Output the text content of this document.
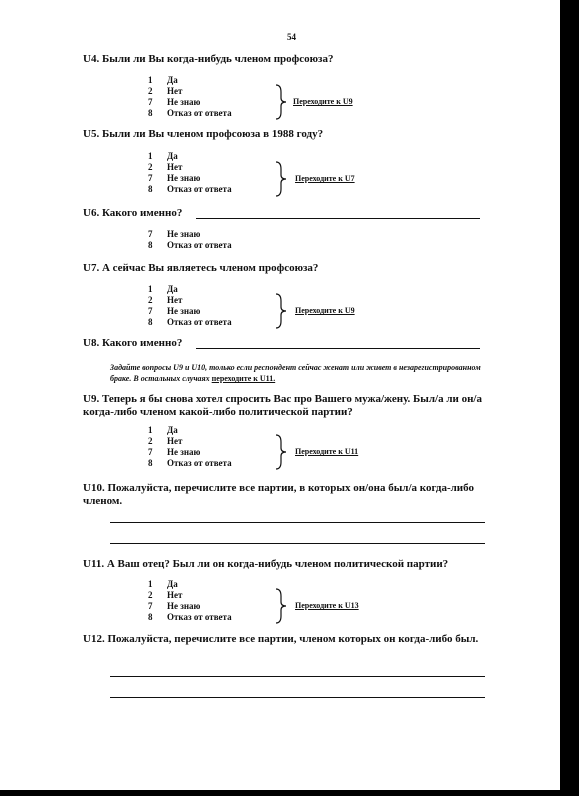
54
U4. Были ли Вы когда-нибудь членом профсоюза?
1 Да
2 Нет
7 Не знаю
8 Отказ от ответа
Переходите к U9
U5. Были ли Вы членом профсоюза в 1988 году?
1 Да
2 Нет
7 Не знаю
8 Отказ от ответа
Переходите к U7
U6. Какого именно?
7 Не знаю
8 Отказ от ответа
U7. А сейчас Вы являетесь членом профсоюза?
1 Да
2 Нет
7 Не знаю
8 Отказ от ответа
Переходите к U9
U8. Какого именно?
Задайте вопросы U9 и U10, только если респондент сейчас женат или живет в незарегистрированном браке. В остальных случаях переходите к U11.
U9. Теперь я бы снова хотел спросить Вас про Вашего мужа/жену. Был/а ли он/а когда-либо членом какой-либо политической партии?
1 Да
2 Нет
7 Не знаю
8 Отказ от ответа
Переходите к U11
U10. Пожалуйста, перечислите все партии, в которых он/она был/а когда-либо членом.
U11. А Ваш отец? Был ли он когда-нибудь членом политической партии?
1 Да
2 Нет
7 Не знаю
8 Отказ от ответа
Переходите к U13
U12. Пожалуйста, перечислите все партии, членом которых он когда-либо был.
